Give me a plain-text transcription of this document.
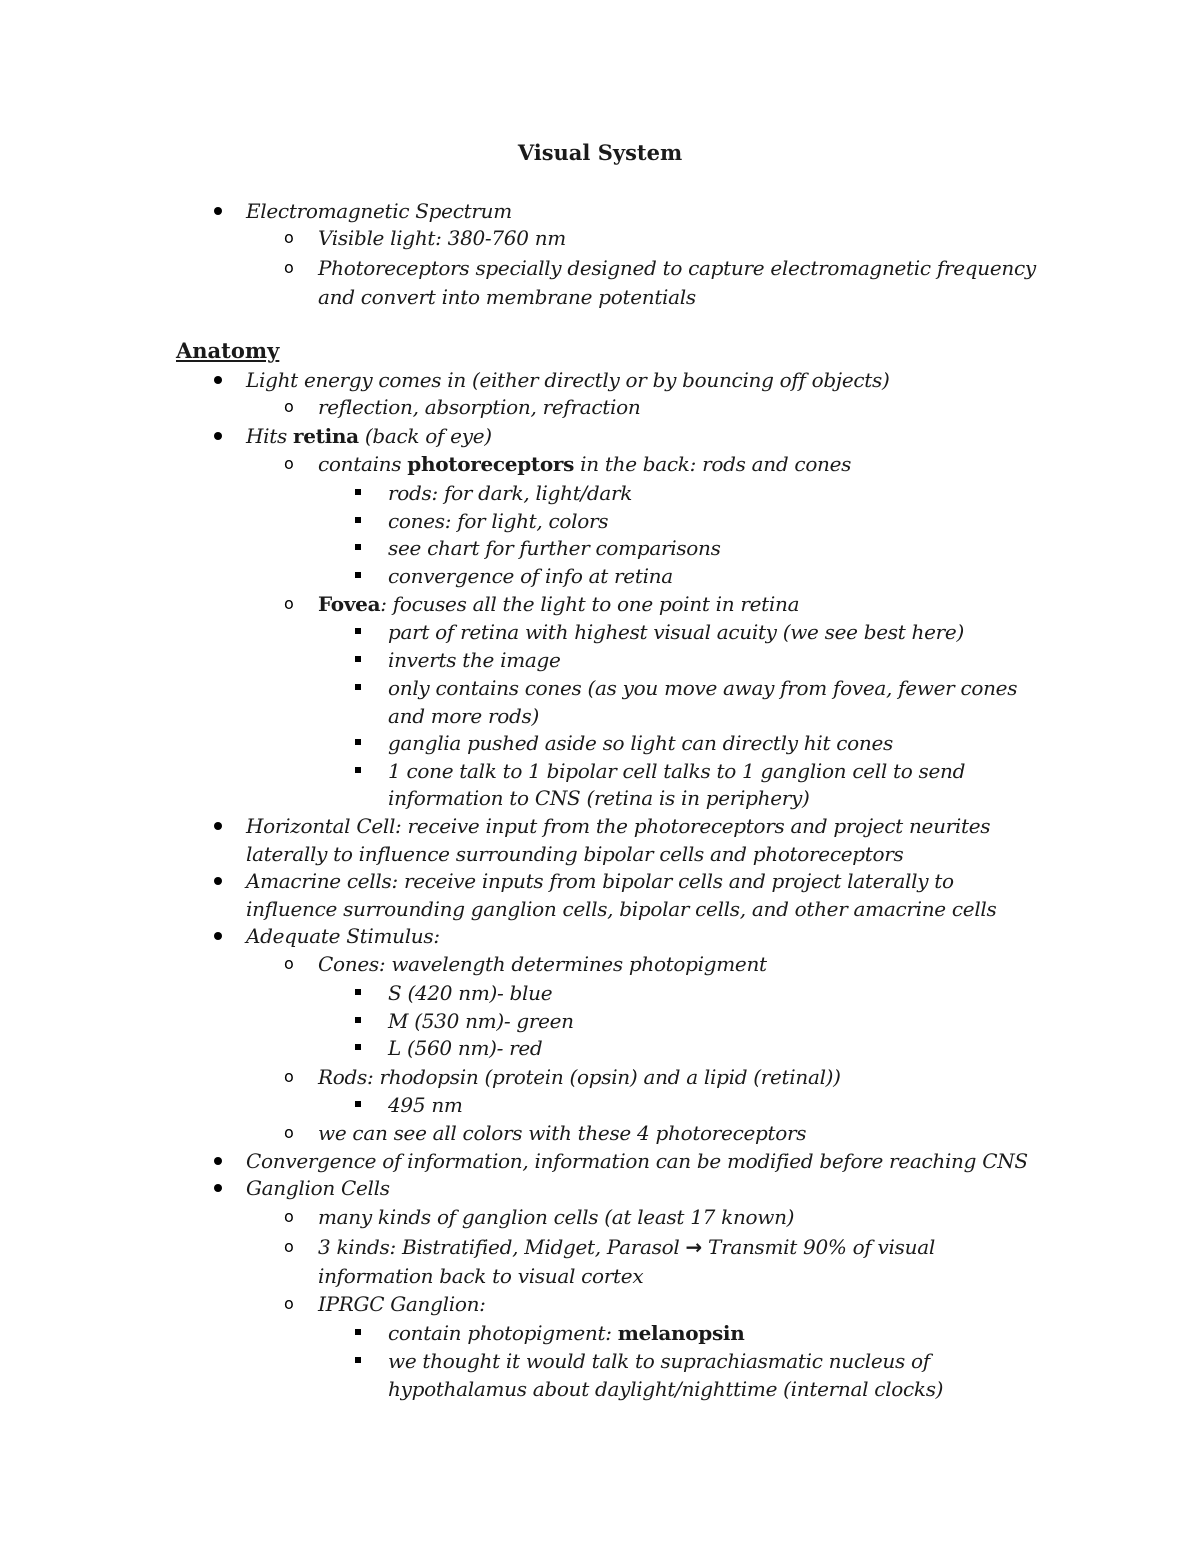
Visual System
Electromagnetic Spectrum
o Visible light: 380-760 nm
o Photoreceptors specially designed to capture electromagnetic frequency
and convert into membrane potentials
Anatomy
Light energy comes in (either directly or by bouncing off objects)
o reflection, absorption, refraction
Hits retina (back of eye)
o contains photoreceptors in the back: rods and cones
rods: for dark, light/dark
cones: for light, colors
see chart for further comparisons
convergence of info at retina
o Fovea: focuses all the light to one point in retina
part of retina with highest visual acuity (we see best here)
inverts the image
only contains cones (as you move away from fovea, fewer cones
and more rods)
ganglia pushed aside so light can directly hit cones
1 cone talk to 1 bipolar cell talks to 1 ganglion cell to send
information to CNS (retina is in periphery)
Horizontal Cell: receive input from the photoreceptors and project neurites
laterally to influence surrounding bipolar cells and photoreceptors
Amacrine cells: receive inputs from bipolar cells and project laterally to
influence surrounding ganglion cells, bipolar cells, and other amacrine cells
Adequate Stimulus:
o Cones: wavelength determines photopigment
S (420 nm)- blue
M (530 nm)- green
L (560 nm)- red
o Rods: rhodopsin (protein (opsin) and a lipid (retinal))
495 nm
o we can see all colors with these 4 photoreceptors
Convergence of information, information can be modified before reaching CNS
Ganglion Cells
o many kinds of ganglion cells (at least 17 known)
o 3 kinds: Bistratified, Midget, Parasol → Transmit 90% of visual
information back to visual cortex
o IPRGC Ganglion:
contain photopigment: melanopsin
we thought it would talk to suprachiasmatic nucleus of
hypothalamus about daylight/nighttime (internal clocks)
